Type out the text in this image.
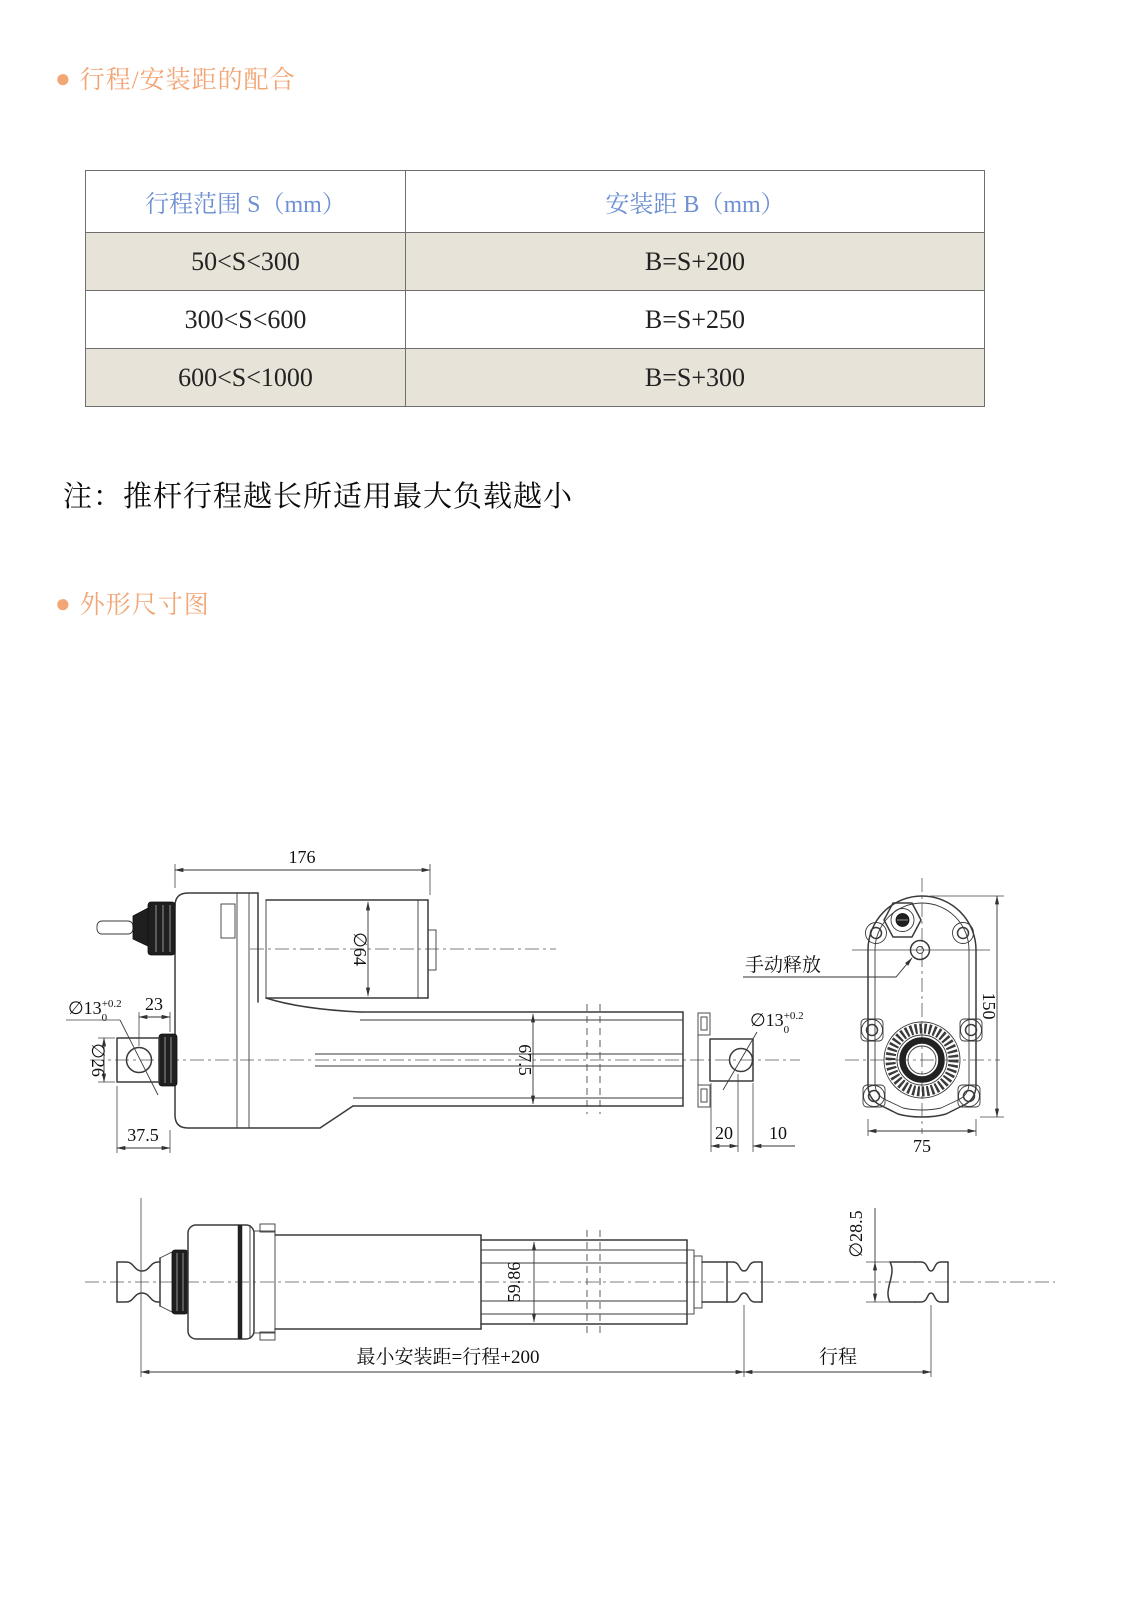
● 行程/安装距的配合
行程范围 S（mm）	安装距 B（mm）
50<S<300	B=S+200
300<S<600	B=S+250
600<S<1000	B=S+300
注：推杆行程越长所适用最大负载越小
● 外形尺寸图
176
∅64
23
$\emptyset 13^{+0.2}$ 0
∅26
37.5
67.5
$\emptyset 13^{+0.2}$ 0
20 10
手动释放
150
75
59.86
∅28.5
最小安装距=行程+200	行程
